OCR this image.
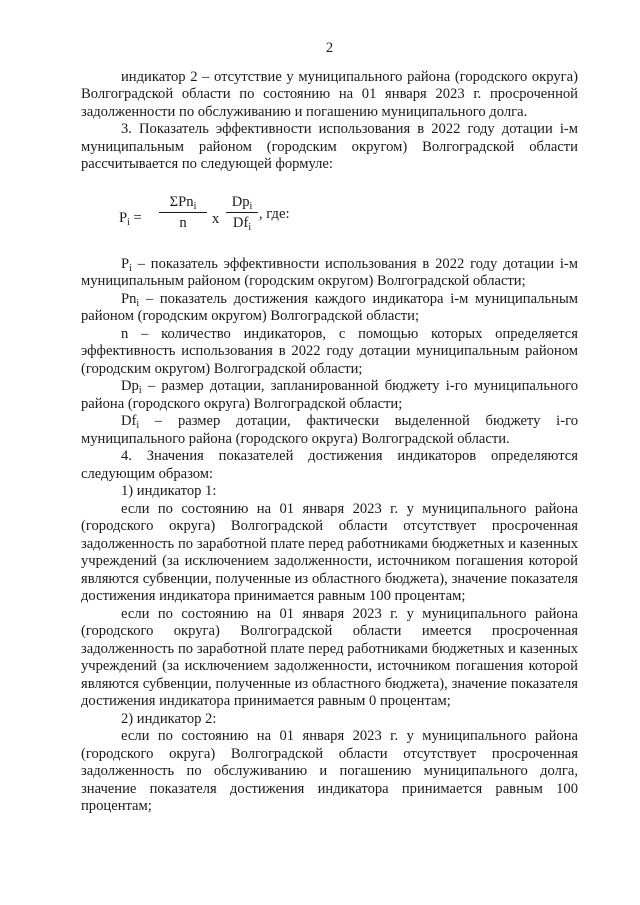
2

индикатор 2 – отсутствие у муниципального района (городского округа) Волгоградской области по состоянию на 01 января 2023 г. просроченной задолженности по обслуживанию и погашению муниципального долга.

3. Показатель эффективности использования в 2022 году дотации i-м муниципальным районом (городским округом) Волгоградской области рассчитывается по следующей формуле:

$P_i$ =
ΣPn$_i$
n	x
$Dp_i$
$Df_i$
, где:

$P_i$ – показатель эффективности использования в 2022 году дотации i-м муниципальным районом (городским округом) Волгоградской области;

$Pn_i$ – показатель достижения каждого индикатора i-м муниципальным районом (городским округом) Волгоградской области;

n – количество индикаторов, с помощью которых определяется эффективность использования в 2022 году дотации муниципальным районом (городским округом) Волгоградской области;

$Dp_i$ – размер дотации, запланированной бюджету i-го муниципального района (городского округа) Волгоградской области;

$Df_i$ – размер дотации, фактически выделенной бюджету i-го муниципального района (городского округа) Волгоградской области.

4. Значения показателей достижения индикаторов определяются следующим образом:

1) индикатор 1:

если по состоянию на 01 января 2023 г. у муниципального района (городского округа) Волгоградской области отсутствует просроченная задолженность по заработной плате перед работниками бюджетных и казенных учреждений (за исключением задолженности, источником погашения которой являются субвенции, полученные из областного бюджета), значение показателя достижения индикатора принимается равным 100 процентам;

если по состоянию на 01 января 2023 г. у муниципального района (городского округа) Волгоградской области имеется просроченная задолженность по заработной плате перед работниками бюджетных и казенных учреждений (за исключением задолженности, источником погашения которой являются субвенции, полученные из областного бюджета), значение показателя достижения индикатора принимается равным 0 процентам;

2) индикатор 2:

если по состоянию на 01 января 2023 г. у муниципального района (городского округа) Волгоградской области отсутствует просроченная задолженность по обслуживанию и погашению муниципального долга, значение показателя достижения индикатора принимается равным 100 процентам;
